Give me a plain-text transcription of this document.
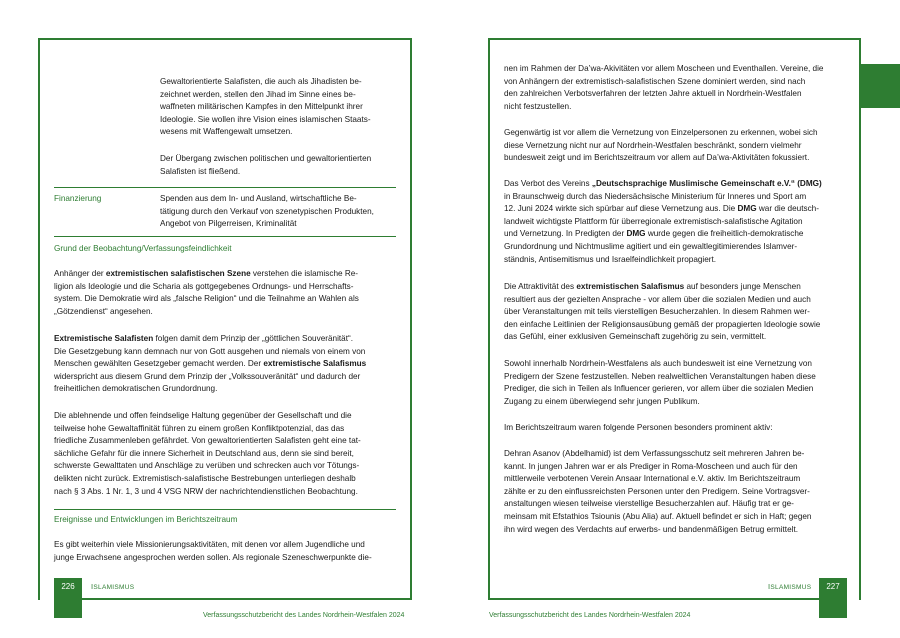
226	ISLAMISMUS
Verfassungsschutzbericht des Landes Nordrhein-Westfalen 2024

Gewaltorientierte Salafisten, die auch als Jihadisten be-

zeichnet werden, stellen den Jihad im Sinne eines be-

waffneten militärischen Kampfes in den Mittelpunkt ihrer

Ideologie. Sie wollen ihre Vision eines islamischen Staats-

wesens mit Waffengewalt umsetzen.

Der Übergang zwischen politischen und gewaltorientierten

Salafisten ist fließend.

Finanzierung	Spenden aus dem In- und Ausland, wirtschaftliche Be-

tätigung durch den Verkauf von szenetypischen Produkten,

Angebot von Pilgerreisen, Kriminalität

Grund der Beobachtung/Verfassungsfeindlichkeit

Anhänger der extremistischen salafistischen Szene verstehen die islamische Re-

ligion als Ideologie und die Scharia als gottgegebenes Ordnungs- und Herrschafts-

system. Die Demokratie wird als „falsche Religion“ und die Teilnahme an Wahlen als

„Götzendienst“ angesehen.

Extremistische Salafisten folgen damit dem Prinzip der „göttlichen Souveränität“.

Die Gesetzgebung kann demnach nur von Gott ausgehen und niemals von einem von

Menschen gewählten Gesetzgeber gemacht werden. Der extremistische Salafismus

widerspricht aus diesem Grund dem Prinzip der „Volkssouveränität“ und dadurch der

freiheitlichen demokratischen Grundordnung.

Die ablehnende und offen feindselige Haltung gegenüber der Gesellschaft und die

teilweise hohe Gewaltaffinität führen zu einem großen Konfliktpotenzial, das das

friedliche Zusammenleben gefährdet. Von gewaltorientierten Salafisten geht eine tat-

sächliche Gefahr für die innere Sicherheit in Deutschland aus, denn sie sind bereit,

schwerste Gewalttaten und Anschläge zu verüben und schrecken auch vor Tötungs-

delikten nicht zurück. Extremistisch-salafistische Bestrebungen unterliegen deshalb

nach § 3 Abs. 1 Nr. 1, 3 und 4 VSG NRW der nachrichtendienstlichen Beobachtung.

Ereignisse und Entwicklungen im Berichtszeitraum

Es gibt weiterhin viele Missionierungsaktivitäten, mit denen vor allem Jugendliche und

junge Erwachsene angesprochen werden sollen. Als regionale Szeneschwerpunkte die-

227
ISLAMISMUS
Verfassungsschutzbericht des Landes Nordrhein-Westfalen 2024

nen im Rahmen der Da’wa-Akivitäten vor allem Moscheen und Eventhallen. Vereine, die

von Anhängern der extremistisch-salafistischen Szene dominiert werden, sind nach

den zahlreichen Verbotsverfahren der letzten Jahre aktuell in Nordrhein-Westfalen

nicht festzustellen.

Gegenwärtig ist vor allem die Vernetzung von Einzelpersonen zu erkennen, wobei sich

diese Vernetzung nicht nur auf Nordrhein-Westfalen beschränkt, sondern vielmehr

bundesweit zeigt und im Berichtszeitraum vor allem auf Da’wa-Aktivitäten fokussiert.

Das Verbot des Vereins „Deutschsprachige Muslimische Gemeinschaft e.V.“ (DMG)

in Braunschweig durch das Niedersächsische Ministerium für Inneres und Sport am

12. Juni 2024 wirkte sich spürbar auf diese Vernetzung aus. Die DMG war die deutsch-

landweit wichtigste Plattform für überregionale extremistisch-salafistische Agitation

und Vernetzung. In Predigten der DMG wurde gegen die freiheitlich-demokratische

Grundordnung und Nichtmuslime agitiert und ein gewaltlegitimierendes Islamver-

ständnis, Antisemitismus und Israelfeindlichkeit propagiert.

Die Attraktivität des extremistischen Salafismus auf besonders junge Menschen

resultiert aus der gezielten Ansprache - vor allem über die sozialen Medien und auch

über Veranstaltungen mit teils vierstelligen Besucherzahlen. In diesem Rahmen wer-

den einfache Leitlinien der Religionsausübung gemäß der propagierten Ideologie sowie

das Gefühl, einer exklusiven Gemeinschaft zugehörig zu sein, vermittelt.

Sowohl innerhalb Nordrhein-Westfalens als auch bundesweit ist eine Vernetzung von

Predigern der Szene festzustellen. Neben realweltlichen Veranstaltungen haben diese

Prediger, die sich in Teilen als Influencer gerieren, vor allem über die sozialen Medien

Zugang zu einem überwiegend sehr jungen Publikum.

Im Berichtszeitraum waren folgende Personen besonders prominent aktiv:

Dehran Asanov (Abdelhamid) ist dem Verfassungsschutz seit mehreren Jahren be-

kannt. In jungen Jahren war er als Prediger in Roma-Moscheen und auch für den

mittlerweile verbotenen Verein Ansaar International e.V. aktiv. Im Berichtszeitraum

zählte er zu den einflussreichsten Personen unter den Predigern. Seine Vortragsver-

anstaltungen wiesen teilweise vierstellige Besucherzahlen auf. Häufig trat er ge-

meinsam mit Efstathios Tsiounis (Abu Alia) auf. Aktuell befindet er sich in Haft; gegen

ihn wird wegen des Verdachts auf erwerbs- und bandenmäßigen Betrug ermittelt.
